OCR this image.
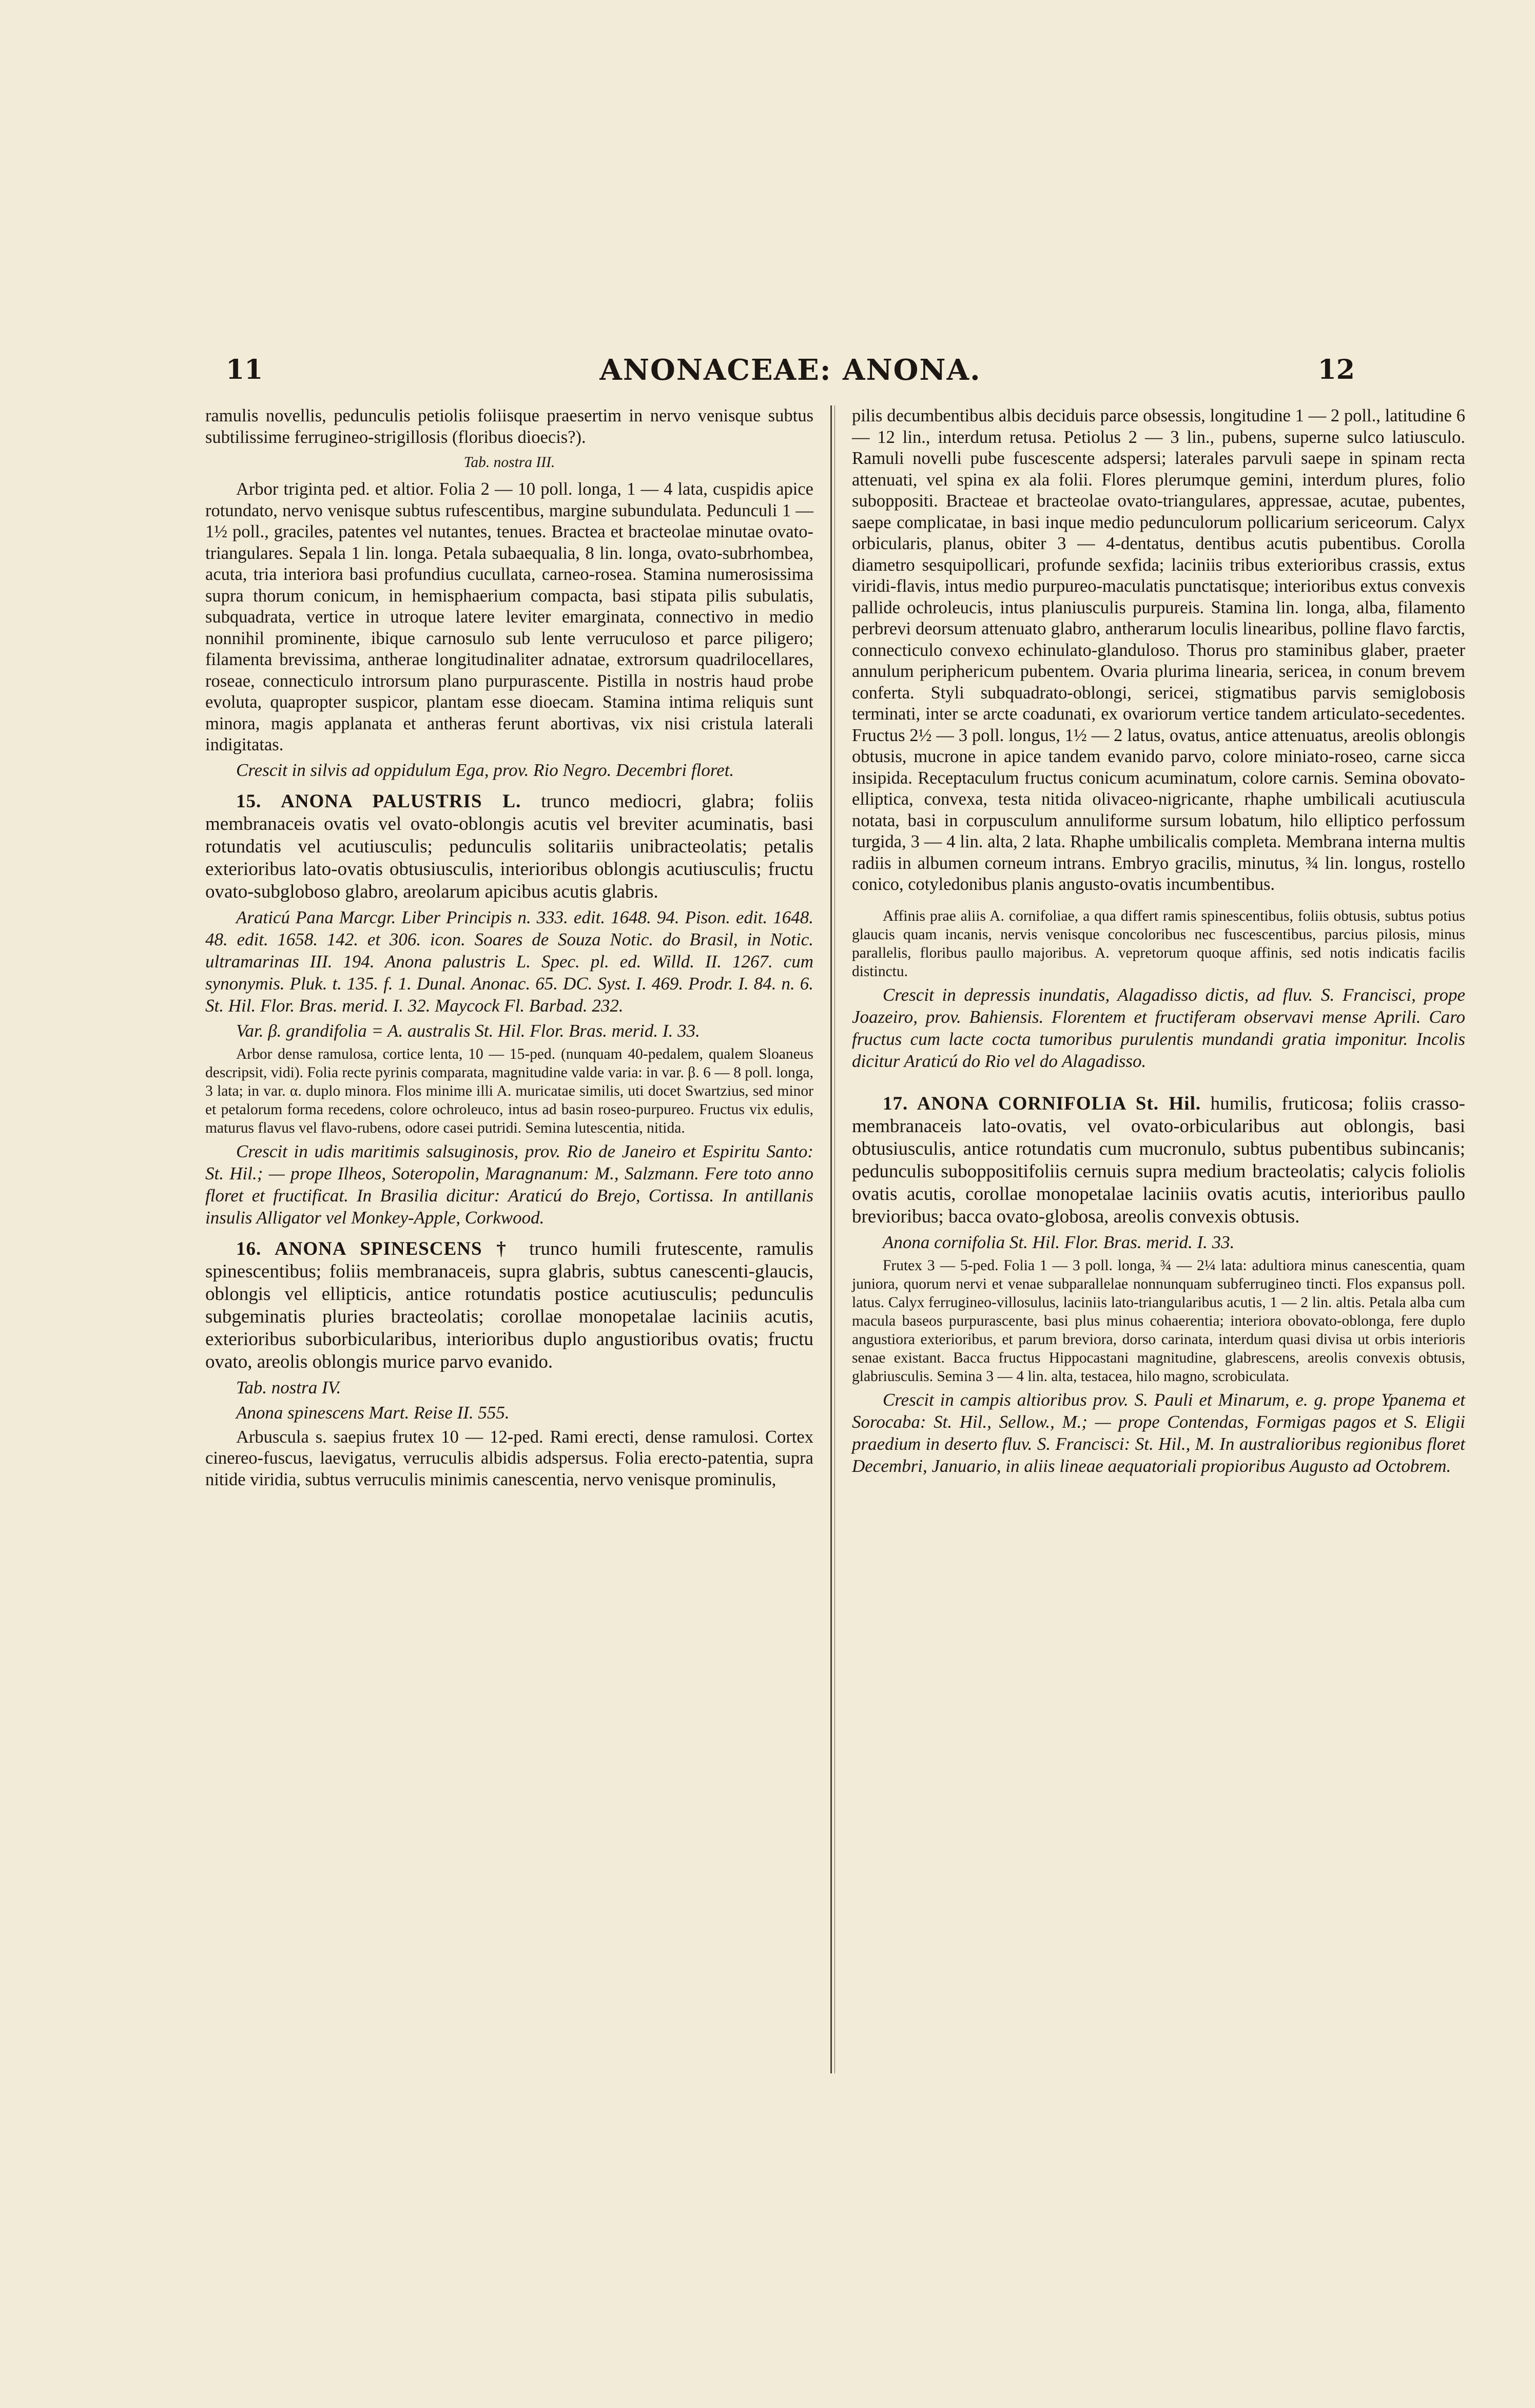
11	ANONACEAE: ANONA.	12

ramulis novellis, pedunculis petiolis foliisque praesertim in nervo venisque subtus subtilissime ferrugineo-strigillosis (floribus dioecis?).

Tab. nostra III.

Arbor triginta ped. et altior. Folia 2 — 10 poll. longa, 1 — 4 lata, cuspidis apice rotundato, nervo venisque subtus rufescentibus, margine subundulata. Pedunculi 1 — 1½ poll., graciles, patentes vel nutantes, tenues. Bractea et bracteolae minutae ovato-triangulares. Sepala 1 lin. longa. Petala subaequalia, 8 lin. longa, ovato-subrhombea, acuta, tria interiora basi profundius cucullata, carneo-rosea. Stamina numerosissima supra thorum conicum, in hemisphaerium compacta, basi stipata pilis subulatis, subquadrata, vertice in utroque latere leviter emarginata, connectivo in medio nonnihil prominente, ibique carnosulo sub lente verruculoso et parce piligero; filamenta brevissima, antherae longitudinaliter adnatae, extrorsum quadrilocellares, roseae, connecticulo introrsum plano purpurascente. Pistilla in nostris haud probe evoluta, quapropter suspicor, plantam esse dioecam. Stamina intima reliquis sunt minora, magis applanata et antheras ferunt abortivas, vix nisi cristula laterali indigitatas.

Crescit in silvis ad oppidulum Ega, prov. Rio Negro. Decembri floret.

15. ANONA PALUSTRIS L. trunco mediocri, glabra; foliis membranaceis ovatis vel ovato-oblongis acutis vel breviter acuminatis, basi rotundatis vel acutiusculis; pedunculis solitariis unibracteolatis; petalis exterioribus lato-ovatis obtusiusculis, interioribus oblongis acutiusculis; fructu ovato-subgloboso glabro, areolarum apicibus acutis glabris.

Araticú Pana Marcgr. Liber Principis n. 333. edit. 1648. 94. Pison. edit. 1648. 48. edit. 1658. 142. et 306. icon. Soares de Souza Notic. do Brasil, in Notic. ultramarinas III. 194. Anona palustris L. Spec. pl. ed. Willd. II. 1267. cum synonymis. Pluk. t. 135. f. 1. Dunal. Anonac. 65. DC. Syst. I. 469. Prodr. I. 84. n. 6. St. Hil. Flor. Bras. merid. I. 32. Maycock Fl. Barbad. 232.

Var. β. grandifolia = A. australis St. Hil. Flor. Bras. merid. I. 33.

Arbor dense ramulosa, cortice lenta, 10 — 15-ped. (nunquam 40-pedalem, qualem Sloaneus descripsit, vidi). Folia recte pyrinis comparata, magnitudine valde varia: in var. β. 6 — 8 poll. longa, 3 lata; in var. α. duplo minora. Flos minime illi A. muricatae similis, uti docet Swartzius, sed minor et petalorum forma recedens, colore ochroleuco, intus ad basin roseo-purpureo. Fructus vix edulis, maturus flavus vel flavo-rubens, odore casei putridi. Semina lutescentia, nitida.

Crescit in udis maritimis salsuginosis, prov. Rio de Janeiro et Espiritu Santo: St. Hil.; — prope Ilheos, Soteropolin, Maragnanum: M., Salzmann. Fere toto anno floret et fructificat. In Brasilia dicitur: Araticú do Brejo, Cortissa. In antillanis insulis Alligator vel Monkey-Apple, Corkwood.

16. ANONA SPINESCENS † trunco humili frutescente, ramulis spinescentibus; foliis membranaceis, supra glabris, subtus canescenti-glaucis, oblongis vel ellipticis, antice rotundatis postice acutiusculis; pedunculis subgeminatis pluries bracteolatis; corollae monopetalae laciniis acutis, exterioribus suborbicularibus, interioribus duplo angustioribus ovatis; fructu ovato, areolis oblongis murice parvo evanido.

Tab. nostra IV.

Anona spinescens Mart. Reise II. 555.

Arbuscula s. saepius frutex 10 — 12-ped. Rami erecti, dense ramulosi. Cortex cinereo-fuscus, laevigatus, verruculis albidis adspersus. Folia erecto-patentia, supra nitide viridia, subtus verruculis minimis canescentia, nervo venisque prominulis,

pilis decumbentibus albis deciduis parce obsessis, longitudine 1 — 2 poll., latitudine 6 — 12 lin., interdum retusa. Petiolus 2 — 3 lin., pubens, superne sulco latiusculo. Ramuli novelli pube fuscescente adspersi; laterales parvuli saepe in spinam recta attenuati, vel spina ex ala folii. Flores plerumque gemini, interdum plures, folio suboppositi. Bracteae et bracteolae ovato-triangulares, appressae, acutae, pubentes, saepe complicatae, in basi inque medio pedunculorum pollicarium sericeorum. Calyx orbicularis, planus, obiter 3 — 4-dentatus, dentibus acutis pubentibus. Corolla diametro sesquipollicari, profunde sexfida; laciniis tribus exterioribus crassis, extus viridi-flavis, intus medio purpureo-maculatis punctatisque; interioribus extus convexis pallide ochroleucis, intus planiusculis purpureis. Stamina lin. longa, alba, filamento perbrevi deorsum attenuato glabro, antherarum loculis linearibus, polline flavo farctis, connecticulo convexo echinulato-glanduloso. Thorus pro staminibus glaber, praeter annulum periphericum pubentem. Ovaria plurima linearia, sericea, in conum brevem conferta. Styli subquadrato-oblongi, sericei, stigmatibus parvis semiglobosis terminati, inter se arcte coadunati, ex ovariorum vertice tandem articulato-secedentes. Fructus 2½ — 3 poll. longus, 1½ — 2 latus, ovatus, antice attenuatus, areolis oblongis obtusis, mucrone in apice tandem evanido parvo, colore miniato-roseo, carne sicca insipida. Receptaculum fructus conicum acuminatum, colore carnis. Semina obovato-elliptica, convexa, testa nitida olivaceo-nigricante, rhaphe umbilicali acutiuscula notata, basi in corpusculum annuliforme sursum lobatum, hilo elliptico perfossum turgida, 3 — 4 lin. alta, 2 lata. Rhaphe umbilicalis completa. Membrana interna multis radiis in albumen corneum intrans. Embryo gracilis, minutus, ¾ lin. longus, rostello conico, cotyledonibus planis angusto-ovatis incumbentibus.

Affinis prae aliis A. cornifoliae, a qua differt ramis spinescentibus, foliis obtusis, subtus potius glaucis quam incanis, nervis venisque concoloribus nec fuscescentibus, parcius pilosis, minus parallelis, floribus paullo majoribus. A. vepretorum quoque affinis, sed notis indicatis facilis distinctu.

Crescit in depressis inundatis, Alagadisso dictis, ad fluv. S. Francisci, prope Joazeiro, prov. Bahiensis. Florentem et fructiferam observavi mense Aprili. Caro fructus cum lacte cocta tumoribus purulentis mundandi gratia imponitur. Incolis dicitur Araticú do Rio vel do Alagadisso.

17. ANONA CORNIFOLIA St. Hil. humilis, fruticosa; foliis crasso-membranaceis lato-ovatis, vel ovato-orbicularibus aut oblongis, basi obtusiusculis, antice rotundatis cum mucronulo, subtus pubentibus subincanis; pedunculis suboppositifoliis cernuis supra medium bracteolatis; calycis foliolis ovatis acutis, corollae monopetalae laciniis ovatis acutis, interioribus paullo brevioribus; bacca ovato-globosa, areolis convexis obtusis.

Anona cornifolia St. Hil. Flor. Bras. merid. I. 33.

Frutex 3 — 5-ped. Folia 1 — 3 poll. longa, ¾ — 2¼ lata: adultiora minus canescentia, quam juniora, quorum nervi et venae subparallelae nonnunquam subferrugineo tincti. Flos expansus poll. latus. Calyx ferrugineo-villosulus, laciniis lato-triangularibus acutis, 1 — 2 lin. altis. Petala alba cum macula baseos purpurascente, basi plus minus cohaerentia; interiora obovato-oblonga, fere duplo angustiora exterioribus, et parum breviora, dorso carinata, interdum quasi divisa ut orbis interioris senae existant. Bacca fructus Hippocastani magnitudine, glabrescens, areolis convexis obtusis, glabriusculis. Semina 3 — 4 lin. alta, testacea, hilo magno, scrobiculata.

Crescit in campis altioribus prov. S. Pauli et Minarum, e. g. prope Ypanema et Sorocaba: St. Hil., Sellow., M.; — prope Contendas, Formigas pagos et S. Eligii praedium in deserto fluv. S. Francisci: St. Hil., M. In australioribus regionibus floret Decembri, Januario, in aliis lineae aequatoriali propioribus Augusto ad Octobrem.
